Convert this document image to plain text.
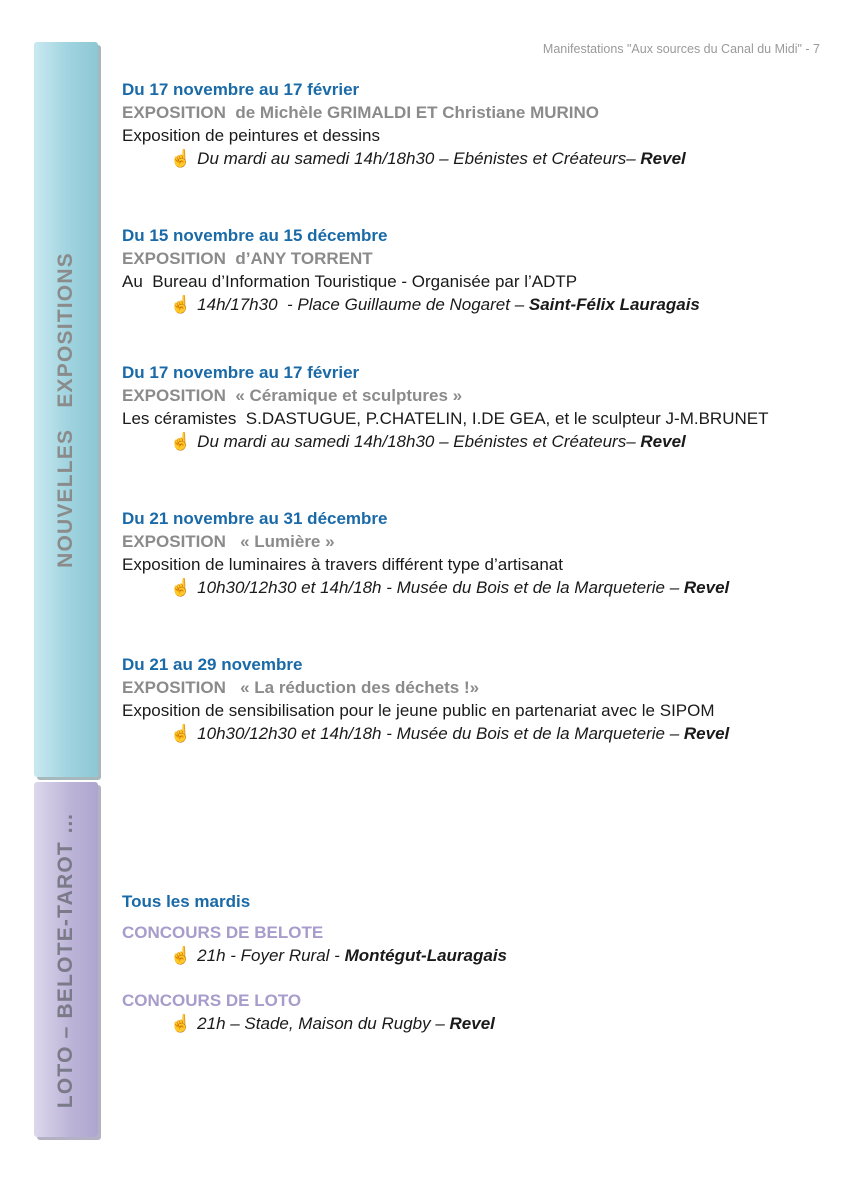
Manifestations "Aux sources du Canal du Midi" - 7
NOUVELLES   EXPOSITIONS
LOTO – BELOTE-TAROT …
Du 17 novembre au 17 février
EXPOSITION  de Michèle GRIMALDI ET Christiane MURINO
Exposition de peintures et dessins
☝ Du mardi au samedi 14h/18h30 – Ebénistes et Créateurs– Revel
Du 15 novembre au 15 décembre
EXPOSITION  d’ANY TORRENT
Au  Bureau d’Information Touristique - Organisée par l’ADTP
☝ 14h/17h30  - Place Guillaume de Nogaret – Saint-Félix Lauragais
Du 17 novembre au 17 février
EXPOSITION  « Céramique et sculptures »
Les céramistes  S.DASTUGUE, P.CHATELIN, I.DE GEA, et le sculpteur J-M.BRUNET
☝ Du mardi au samedi 14h/18h30 – Ebénistes et Créateurs– Revel
Du 21 novembre au 31 décembre
EXPOSITION   « Lumière »
Exposition de luminaires à travers différent type d’artisanat
☝ 10h30/12h30 et 14h/18h - Musée du Bois et de la Marqueterie – Revel
Du 21 au 29 novembre
EXPOSITION   « La réduction des déchets !»
Exposition de sensibilisation pour le jeune public en partenariat avec le SIPOM
☝ 10h30/12h30 et 14h/18h - Musée du Bois et de la Marqueterie – Revel
Tous les mardis
CONCOURS DE BELOTE
☝ 21h - Foyer Rural - Montégut-Lauragais
CONCOURS DE LOTO
☝ 21h – Stade, Maison du Rugby – Revel
